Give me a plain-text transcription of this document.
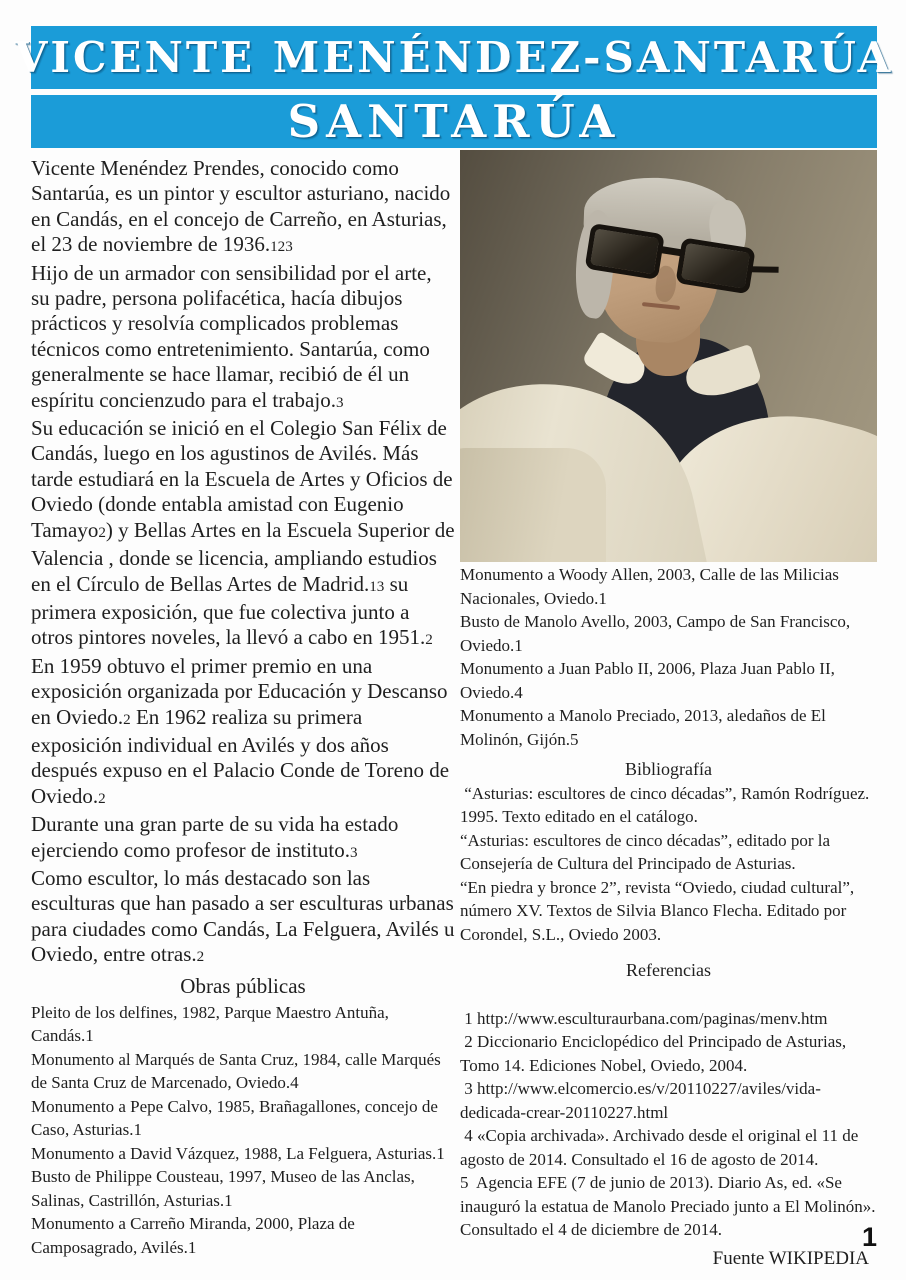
VICENTE MENÉNDEZ-SANTARÚA
SANTARÚA
Vicente Menéndez Prendes, conocido como Santarúa, es un pintor y escultor asturiano, nacido en Candás, en el concejo de Carreño, en Asturias, el 23 de noviembre de 1936.123
Hijo de un armador con sensibilidad por el arte, su padre, persona polifacética, hacía dibujos prácticos y resolvía complicados problemas técnicos como entretenimiento. Santarúa, como generalmente se hace llamar, recibió de él un espíritu concienzudo para el trabajo.3
Su educación se inició en el Colegio San Félix de Candás, luego en los agustinos de Avilés. Más tarde estudiará en la Escuela de Artes y Oficios de Oviedo (donde entabla amistad con Eugenio Tamayo2) y Bellas Artes en la Escuela Superior de Valencia , donde se licencia, ampliando estudios en el Círculo de Bellas Artes de Madrid.13 su primera exposición, que fue colectiva junto a otros pintores noveles, la llevó a cabo en 1951.2 En 1959 obtuvo el primer premio en una exposición organizada por Educación y Descanso en Oviedo.2 En 1962 realiza su primera exposición individual en Avilés y dos años después expuso en el Palacio Conde de Toreno de Oviedo.2
Durante una gran parte de su vida ha estado ejerciendo como profesor de instituto.3
Como escultor, lo más destacado son las esculturas que han pasado a ser esculturas urbanas para ciudades como Candás, La Felguera, Avilés u Oviedo, entre otras.2
Obras públicas
Pleito de los delfines, 1982, Parque Maestro Antuña, Candás.1
Monumento al Marqués de Santa Cruz, 1984, calle Marqués de Santa Cruz de Marcenado, Oviedo.4
Monumento a Pepe Calvo, 1985, Brañagallones, concejo de Caso, Asturias.1
Monumento a David Vázquez, 1988, La Felguera, Asturias.1
Busto de Philippe Cousteau, 1997, Museo de las Anclas, Salinas, Castrillón, Asturias.1
Monumento a Carreño Miranda, 2000, Plaza de Camposagrado, Avilés.1
Monumento a Woody Allen, 2003, Calle de las Milicias Nacionales, Oviedo.1
Busto de Manolo Avello, 2003, Campo de San Francisco, Oviedo.1
Monumento a Juan Pablo II, 2006, Plaza Juan Pablo II, Oviedo.4
Monumento a Manolo Preciado, 2013, aledaños de El Molinón, Gijón.5
Bibliografía
“Asturias: escultores de cinco décadas”, Ramón Rodríguez. 1995. Texto editado en el catálogo.
“Asturias: escultores de cinco décadas”, editado por la Consejería de Cultura del Principado de Asturias.
“En piedra y bronce 2”, revista “Oviedo, ciudad cultural”, número XV. Textos de Silvia Blanco Flecha. Editado por Corondel, S.L., Oviedo 2003.
Referencias
1 http://www.esculturaurbana.com/paginas/menv.htm
2 Diccionario Enciclopédico del Principado de Asturias, Tomo 14. Ediciones Nobel, Oviedo, 2004.
3 http://www.elcomercio.es/v/20110227/aviles/vida-dedicada-crear-20110227.html
4 «Copia archivada». Archivado desde el original el 11 de agosto de 2014. Consultado el 16 de agosto de 2014.
5  Agencia EFE (7 de junio de 2013). Diario As, ed. «Se inauguró la estatua de Manolo Preciado junto a El Molinón». Consultado el 4 de diciembre de 2014.
Fuente WIKIPEDIA
1
